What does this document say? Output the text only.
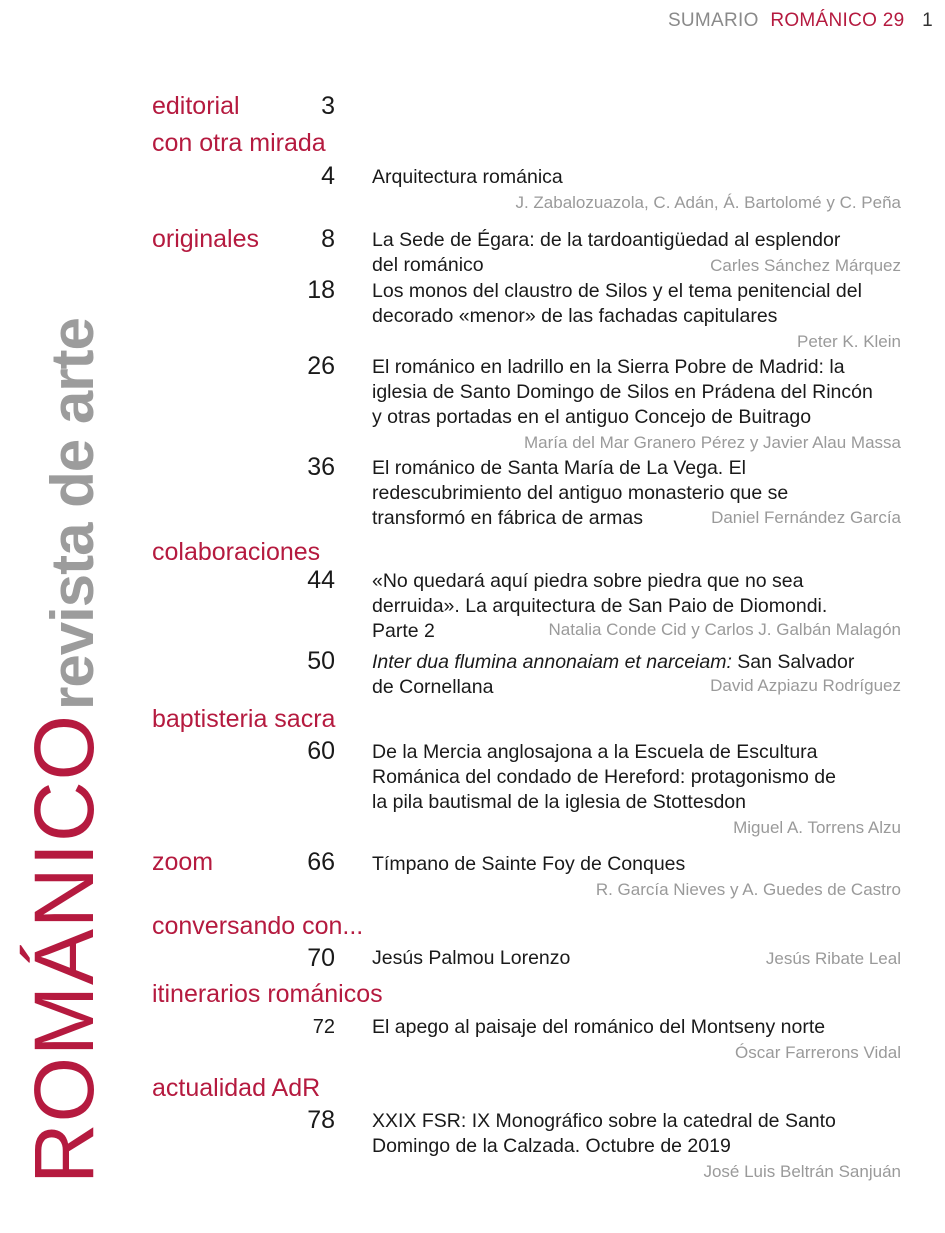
SUMARIO ROMÁNICO 29 1
ROMÁNICOrevista de arte
editorial	3
con otra mirada
4 Arquitectura románica
J. Zabalozuazola, C. Adán, Á. Bartolomé y C. Peña
originales 8 La Sede de Égara: de la tardoantigüedad al esplendor
del románico	Carles Sánchez Márquez
18 Los monos del claustro de Silos y el tema penitencial del
decorado «menor» de las fachadas capitulares
Peter K. Klein
26 El románico en ladrillo en la Sierra Pobre de Madrid: la
iglesia de Santo Domingo de Silos en Prádena del Rincón
y otras portadas en el antiguo Concejo de Buitrago
María del Mar Granero Pérez y Javier Alau Massa
36 El románico de Santa María de La Vega. El
redescubrimiento del antiguo monasterio que se
transformó en fábrica de armas	Daniel Fernández García
colaboraciones
44 «No quedará aquí piedra sobre piedra que no sea
derruida». La arquitectura de San Paio de Diomondi.
Parte 2	Natalia Conde Cid y Carlos J. Galbán Malagón
50 Inter dua flumina annonaiam et narceiam: San Salvador
de Cornellana	David Azpiazu Rodríguez
baptisteria sacra
60 De la Mercia anglosajona a la Escuela de Escultura
Románica del condado de Hereford: protagonismo de
la pila bautismal de la iglesia de Stottesdon
Miguel A. Torrens Alzu
zoom	66 Tímpano de Sainte Foy de Conques
R. García Nieves y A. Guedes de Castro
conversando con...
70 Jesús Palmou Lorenzo	Jesús Ribate Leal
itinerarios románicos
72 El apego al paisaje del románico del Montseny norte
Óscar Farrerons Vidal
actualidad AdR
78 XXIX FSR: IX Monográfico sobre la catedral de Santo
Domingo de la Calzada. Octubre de 2019
José Luis Beltrán Sanjuán
